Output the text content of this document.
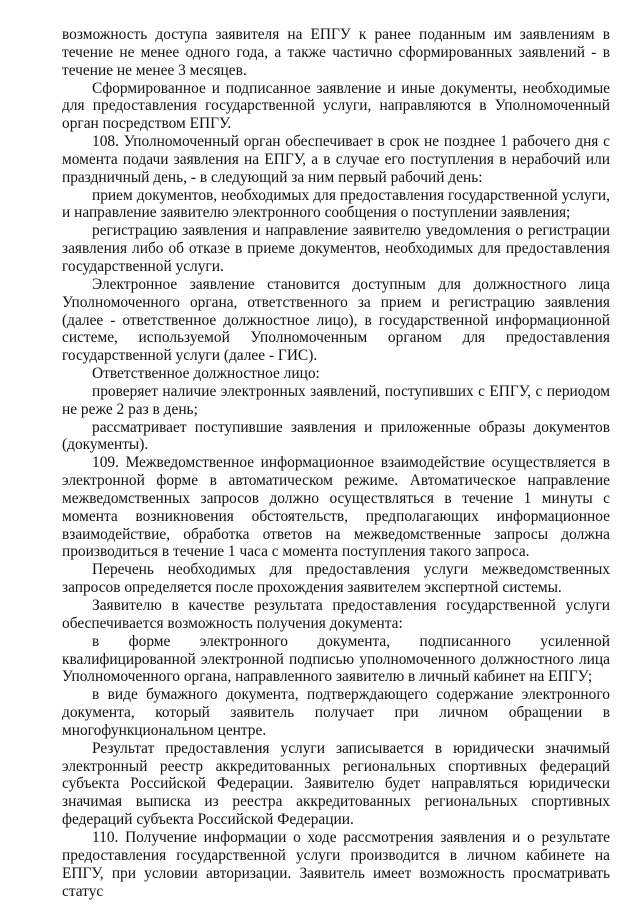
возможность доступа заявителя на ЕПГУ к ранее поданным им заявлениям в течение не менее одного года, а также частично сформированных заявлений - в течение не менее 3 месяцев.

Сформированное и подписанное заявление и иные документы, необходимые для предоставления государственной услуги, направляются в Уполномоченный орган посредством ЕПГУ.

108. Уполномоченный орган обеспечивает в срок не позднее 1 рабочего дня с момента подачи заявления на ЕПГУ, а в случае его поступления в нерабочий или праздничный день, - в следующий за ним первый рабочий день:

прием документов, необходимых для предоставления государственной услуги, и направление заявителю электронного сообщения о поступлении заявления;

регистрацию заявления и направление заявителю уведомления о регистрации заявления либо об отказе в приеме документов, необходимых для предоставления государственной услуги.

Электронное заявление становится доступным для должностного лица Уполномоченного органа, ответственного за прием и регистрацию заявления (далее - ответственное должностное лицо), в государственной информационной системе, используемой Уполномоченным органом для предоставления государственной услуги (далее - ГИС).

Ответственное должностное лицо:

проверяет наличие электронных заявлений, поступивших с ЕПГУ, с периодом не реже 2 раз в день;

рассматривает поступившие заявления и приложенные образы документов (документы).

109. Межведомственное информационное взаимодействие осуществляется в электронной форме в автоматическом режиме. Автоматическое направление межведомственных запросов должно осуществляться в течение 1 минуты с момента возникновения обстоятельств, предполагающих информационное взаимодействие, обработка ответов на межведомственные запросы должна производиться в течение 1 часа с момента поступления такого запроса.

Перечень необходимых для предоставления услуги межведомственных запросов определяется после прохождения заявителем экспертной системы.

Заявителю в качестве результата предоставления государственной услуги обеспечивается возможность получения документа:

в форме электронного документа, подписанного усиленной квалифицированной электронной подписью уполномоченного должностного лица Уполномоченного органа, направленного заявителю в личный кабинет на ЕПГУ;

в виде бумажного документа, подтверждающего содержание электронного документа, который заявитель получает при личном обращении в многофункциональном центре.

Результат предоставления услуги записывается в юридически значимый электронный реестр аккредитованных региональных спортивных федераций субъекта Российской Федерации. Заявителю будет направляться юридически значимая выписка из реестра аккредитованных региональных спортивных федераций субъекта Российской Федерации.

110. Получение информации о ходе рассмотрения заявления и о результате предоставления государственной услуги производится в личном кабинете на ЕПГУ, при условии авторизации. Заявитель имеет возможность просматривать статус
